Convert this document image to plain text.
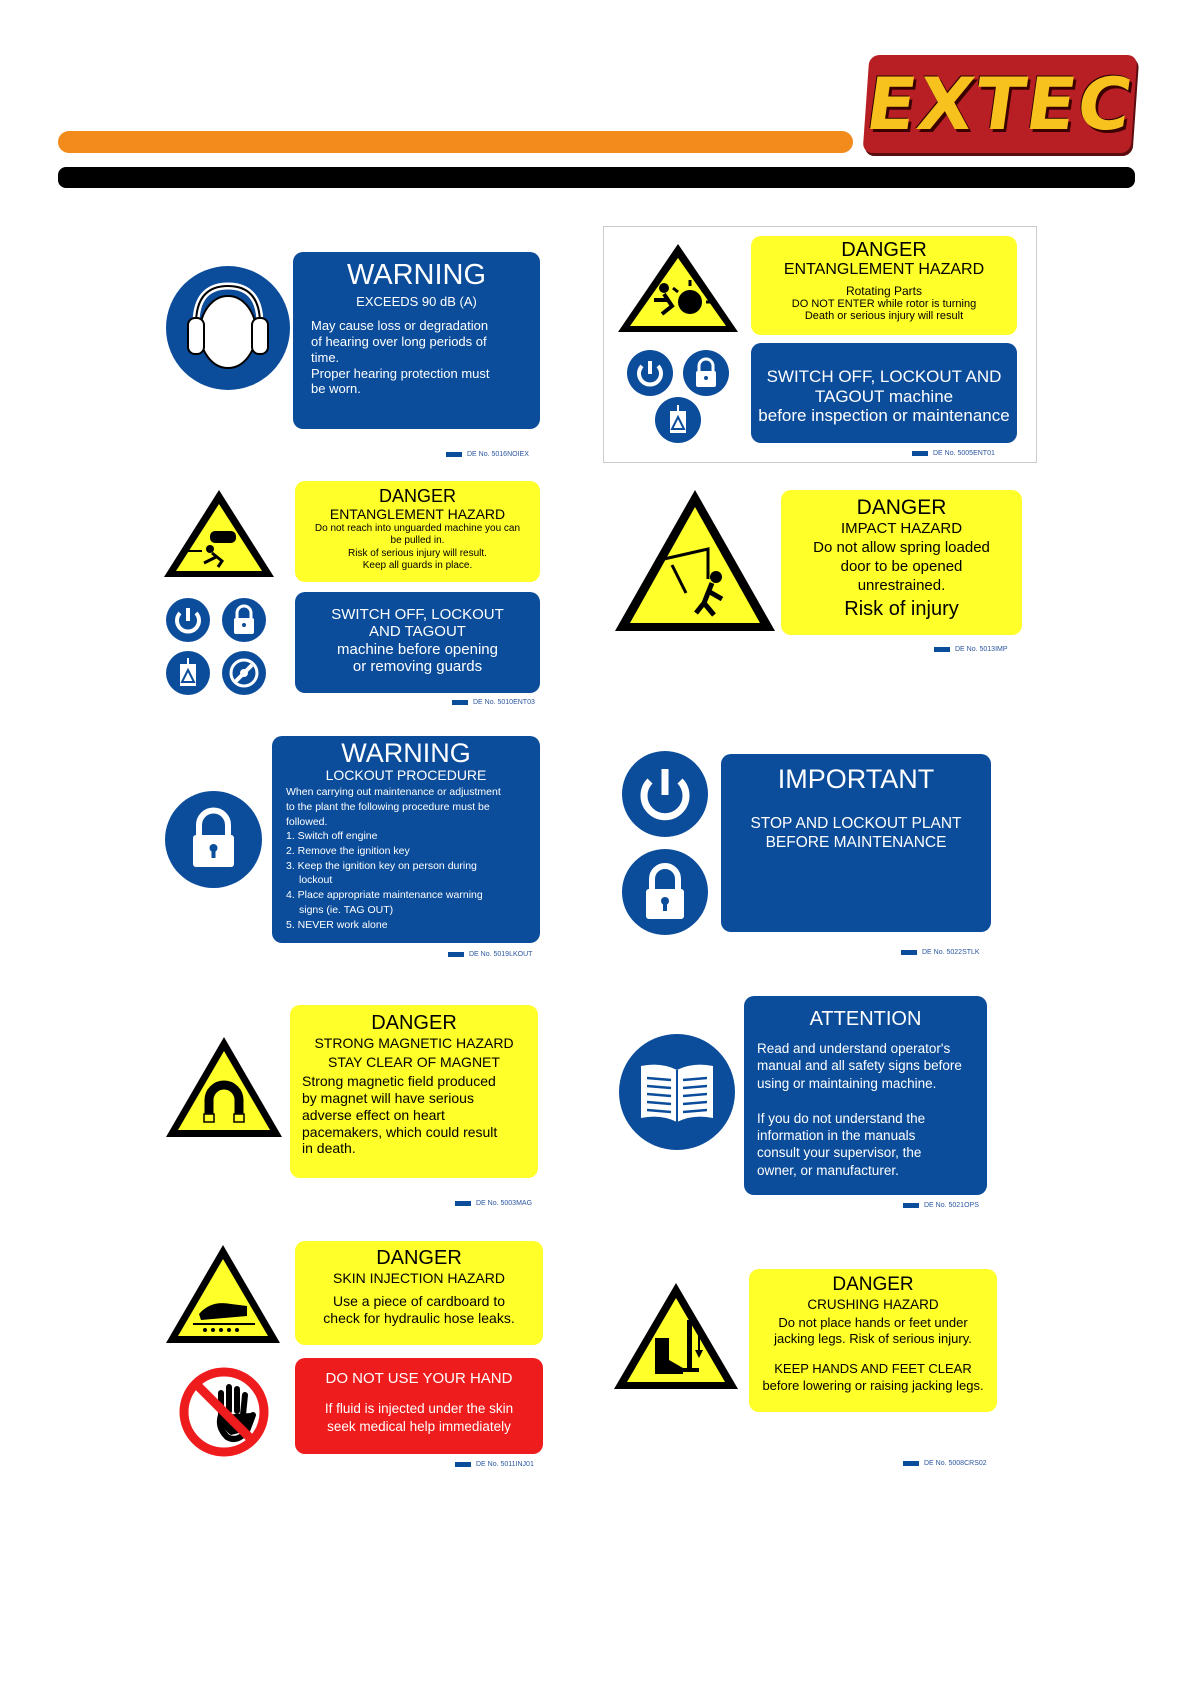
EXTEC
WARNING
EXCEEDS 90 dB (A)
May cause loss or degradation
of hearing over long periods of
time.
Proper hearing protection must
be worn.
DE No. 5016NOIEX
DANGER
ENTANGLEMENT HAZARD
Rotating Parts
DO NOT ENTER while rotor is turning
Death or serious injury will result
SWITCH OFF, LOCKOUT AND
TAGOUT machine
before inspection or maintenance
DE No. 5005ENT01
DANGER
ENTANGLEMENT HAZARD
Do not reach into unguarded machine you can
be pulled in.
Risk of serious injury will result.
Keep all guards in place.
SWITCH OFF, LOCKOUT
AND TAGOUT
machine before opening
or removing guards
DE No. 5010ENT03
DANGER
IMPACT HAZARD
Do not allow spring loaded
door to be opened
unrestrained.
Risk of injury
DE No. 5013IMP
WARNING
LOCKOUT PROCEDURE
When carrying out maintenance or adjustment
to the plant the following procedure must be
followed.
1. Switch off engine
2. Remove the ignition key
3. Keep the ignition key on person during
lockout
4. Place appropriate maintenance warning
signs (ie. TAG OUT)
5. NEVER work alone
DE No. 5019LKOUT
IMPORTANT
STOP AND LOCKOUT PLANT
BEFORE MAINTENANCE
DE No. 5022STLK
DANGER
STRONG MAGNETIC HAZARD
STAY CLEAR OF MAGNET
Strong magnetic field produced
by magnet will have serious
adverse effect on heart
pacemakers, which could result
in death.
DE No. 5003MAG
ATTENTION
Read and understand operator's
manual and all safety signs before
using or maintaining machine.
If you do not understand the
information in the manuals
consult your supervisor, the
owner, or manufacturer.
DE No. 5021OPS
DANGER
SKIN INJECTION HAZARD
Use a piece of cardboard to
check for hydraulic hose leaks.
DO NOT USE YOUR HAND
If fluid is injected under the skin
seek medical help immediately
DE No. 5011INJ01
DANGER
CRUSHING HAZARD
Do not place hands or feet under
jacking legs. Risk of serious injury.
KEEP HANDS AND FEET CLEAR
before lowering or raising jacking legs.
DE No. 5008CRS02
